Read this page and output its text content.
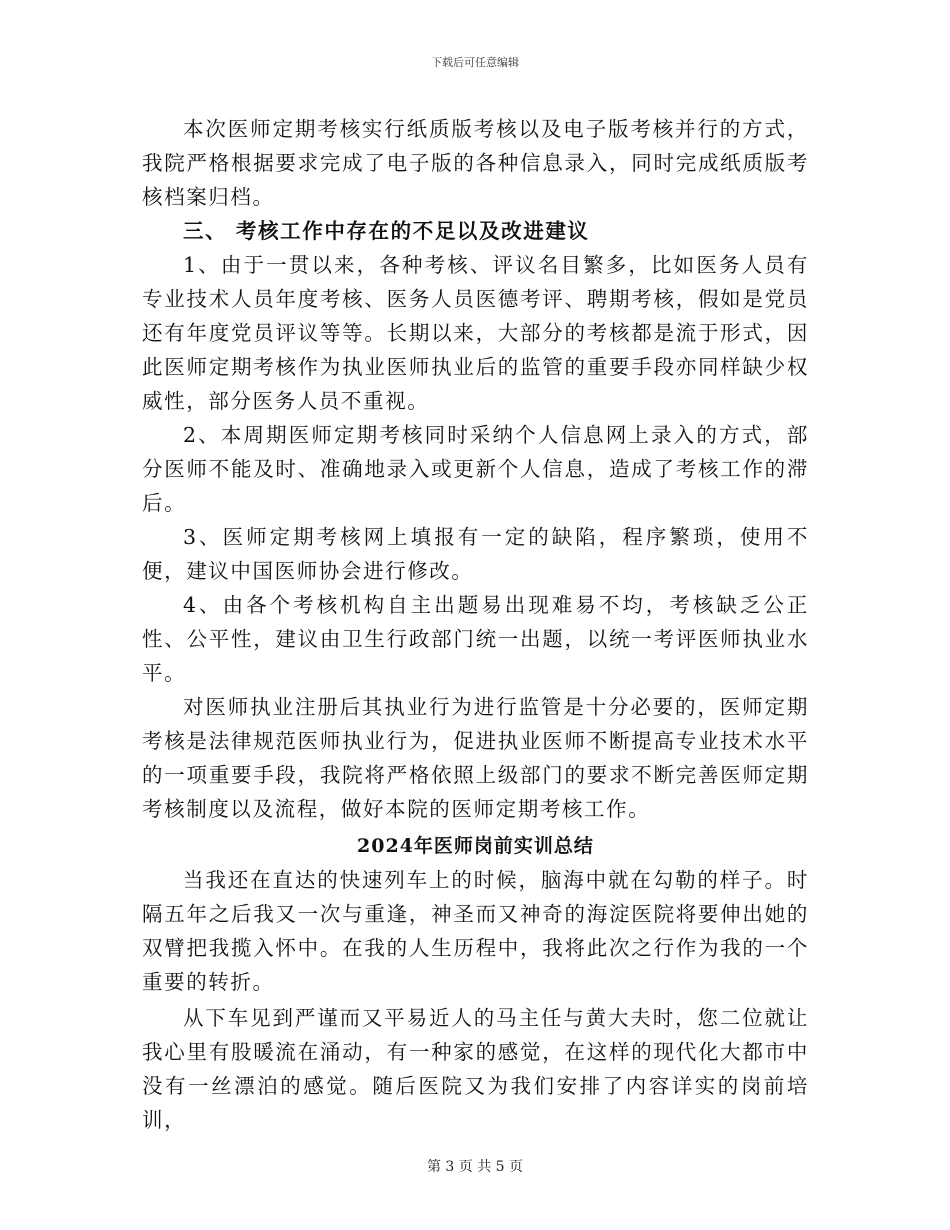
下载后可任意编辑

本次医师定期考核实行纸质版考核以及电子版考核并行的方式，我院严格根据要求完成了电子版的各种信息录入，同时完成纸质版考核档案归档。

三、 考核工作中存在的不足以及改进建议

1、由于一贯以来，各种考核、评议名目繁多，比如医务人员有专业技术人员年度考核、医务人员医德考评、聘期考核，假如是党员还有年度党员评议等等。长期以来，大部分的考核都是流于形式，因此医师定期考核作为执业医师执业后的监管的重要手段亦同样缺少权威性，部分医务人员不重视。

2、本周期医师定期考核同时采纳个人信息网上录入的方式，部分医师不能及时、准确地录入或更新个人信息，造成了考核工作的滞后。

3、医师定期考核网上填报有一定的缺陷，程序繁琐，使用不便，建议中国医师协会进行修改。

4、由各个考核机构自主出题易出现难易不均，考核缺乏公正性、公平性，建议由卫生行政部门统一出题，以统一考评医师执业水平。

对医师执业注册后其执业行为进行监管是十分必要的，医师定期考核是法律规范医师执业行为，促进执业医师不断提高专业技术水平的一项重要手段，我院将严格依照上级部门的要求不断完善医师定期考核制度以及流程，做好本院的医师定期考核工作。

2024年医师岗前实训总结

当我还在直达的快速列车上的时候，脑海中就在勾勒的样子。时隔五年之后我又一次与重逢，神圣而又神奇的海淀医院将要伸出她的双臂把我揽入怀中。在我的人生历程中，我将此次之行作为我的一个重要的转折。

从下车见到严谨而又平易近人的马主任与黄大夫时，您二位就让我心里有股暖流在涌动，有一种家的感觉，在这样的现代化大都市中没有一丝漂泊的感觉。随后医院又为我们安排了内容详实的岗前培训，

第 3 页 共 5 页
